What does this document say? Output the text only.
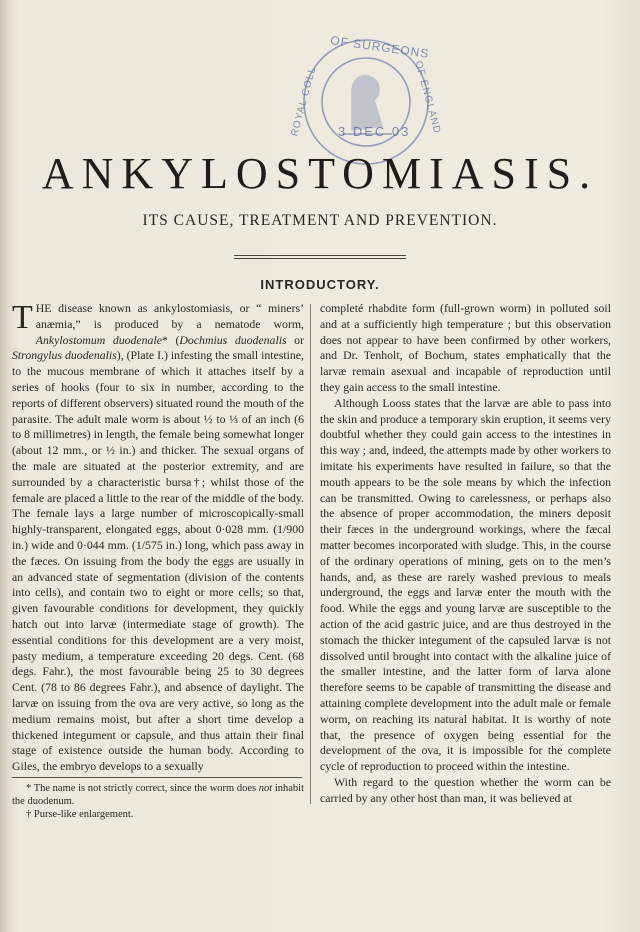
OF SURGEONS
ROYAL COLL	OF ENGLAND
3 DEC 03
ANKYLOSTOMIASIS.
ITS CAUSE, TREATMENT AND PREVENTION.
INTRODUCTORY.

THE disease known as ankylostomiasis, or “ miners’ anæmia,” is produced by a nematode worm, Ankylostomum duodenale* (Dochmius duodenalis or Strongylus duodenalis), (Plate I.) infesting the small intestine, to the mucous membrane of which it attaches itself by a series of hooks (four to six in number, according to the reports of different observers) situated round the mouth of the parasite. The adult male worm is about ½ to ⅓ of an inch (6 to 8 millimetres) in length, the female being somewhat longer (about 12 mm., or ½ in.) and thicker. The sexual organs of the male are situated at the posterior extremity, and are surrounded by a characteristic bursa†; whilst those of the female are placed a little to the rear of the middle of the body. The female lays a large number of microscopically-small highly-transparent, elongated eggs, about 0·028 mm. (1/900 in.) wide and 0·044 mm. (1/575 in.) long, which pass away in the fæces. On issuing from the body the eggs are usually in an advanced state of segmentation (division of the contents into cells), and contain two to eight or more cells; so that, given favourable conditions for development, they quickly hatch out into larvæ (intermediate stage of growth). The essential conditions for this development are a very moist, pasty medium, a temperature exceeding 20 degs. Cent. (68 degs. Fahr.), the most favourable being 25 to 30 degrees Cent. (78 to 86 degrees Fahr.), and absence of daylight. The larvæ on issuing from the ova are very active, so long as the medium remains moist, but after a short time develop a thickened integument or capsule, and thus attain their final stage of existence outside the human body. According to Giles, the embryo develops to a sexually

* The name is not strictly correct, since the worm does not inhabit the duodenum.

† Purse-like enlargement.

completé rhabdite form (full-grown worm) in polluted soil and at a sufficiently high temperature ; but this observation does not appear to have been confirmed by other workers, and Dr. Tenholt, of Bochum, states emphatically that the larvæ remain asexual and incapable of reproduction until they gain access to the small intestine.

Although Looss states that the larvæ are able to pass into the skin and produce a temporary skin eruption, it seems very doubtful whether they could gain access to the intestines in this way ; and, indeed, the attempts made by other workers to imitate his experiments have resulted in failure, so that the mouth appears to be the sole means by which the infection can be transmitted. Owing to carelessness, or perhaps also the absence of proper accommodation, the miners deposit their fæces in the underground workings, where the fæcal matter becomes incorporated with sludge. This, in the course of the ordinary operations of mining, gets on to the men’s hands, and, as these are rarely washed previous to meals underground, the eggs and larvæ enter the mouth with the food. While the eggs and young larvæ are susceptible to the action of the acid gastric juice, and are thus destroyed in the stomach the thicker integument of the capsuled larvæ is not dissolved until brought into contact with the alkaline juice of the smaller intestine, and the latter form of larva alone therefore seems to be capable of transmitting the disease and attaining complete development into the adult male or female worm, on reaching its natural habitat. It is worthy of note that, the presence of oxygen being essential for the development of the ova, it is impossible for the complete cycle of reproduction to proceed within the intestine.

With regard to the question whether the worm can be carried by any other host than man, it was believed at
